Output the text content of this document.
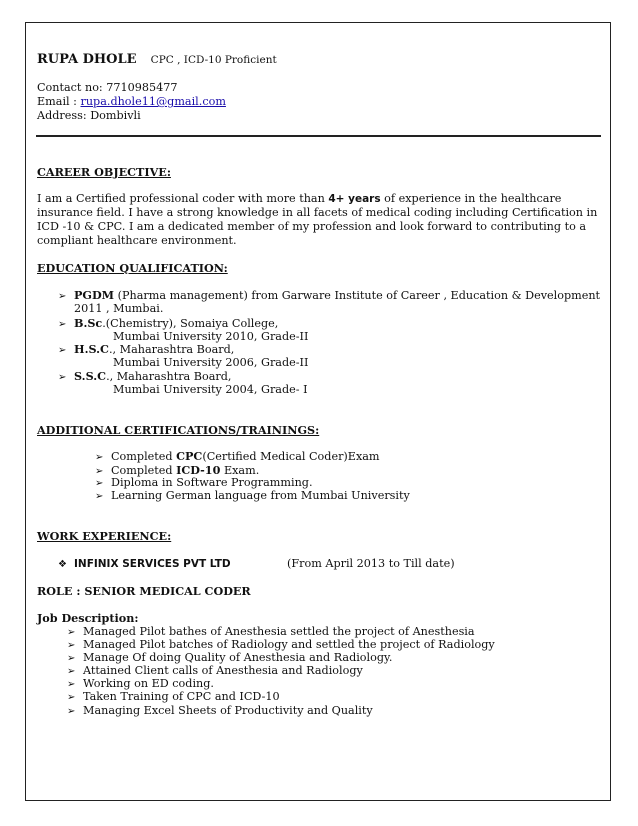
RUPA DHOLE CPC , ICD-10 Proficient
Contact no: 7710985477
Email : rupa.dhole11@gmail.com
Address: Dombivli
CAREER OBJECTIVE:
I am a Certified professional coder with more than 4+ years of experience in the healthcare
insurance field. I have a strong knowledge in all facets of medical coding including Certification in
ICD -10 & CPC. I am a dedicated member of my profession and look forward to contributing to a
compliant healthcare environment.
EDUCATION QUALIFICATION:
➢ PGDM (Pharma management) from Garware Institute of Career , Education & Development
2011 , Mumbai.
➢ B.Sc.(Chemistry), Somaiya College,
Mumbai University 2010, Grade-II
➢ H.S.C., Maharashtra Board,
Mumbai University 2006, Grade-II
➢ S.S.C., Maharashtra Board,
Mumbai University 2004, Grade- I
ADDITIONAL CERTIFICATIONS/TRAININGS:
➢ Completed CPC(Certified Medical Coder)Exam
➢ Completed ICD-10 Exam.
➢ Diploma in Software Programming.
➢ Learning German language from Mumbai University
WORK EXPERIENCE:
❖ INFINIX SERVICES PVT LTD	(From April 2013 to Till date)
ROLE : SENIOR MEDICAL CODER
Job Description:
➢ Managed Pilot bathes of Anesthesia settled the project of Anesthesia
➢ Managed Pilot batches of Radiology and settled the project of Radiology
➢ Manage Of doing Quality of Anesthesia and Radiology.
➢ Attained Client calls of Anesthesia and Radiology
➢ Working on ED coding.
➢ Taken Training of CPC and ICD-10
➢ Managing Excel Sheets of Productivity and Quality
